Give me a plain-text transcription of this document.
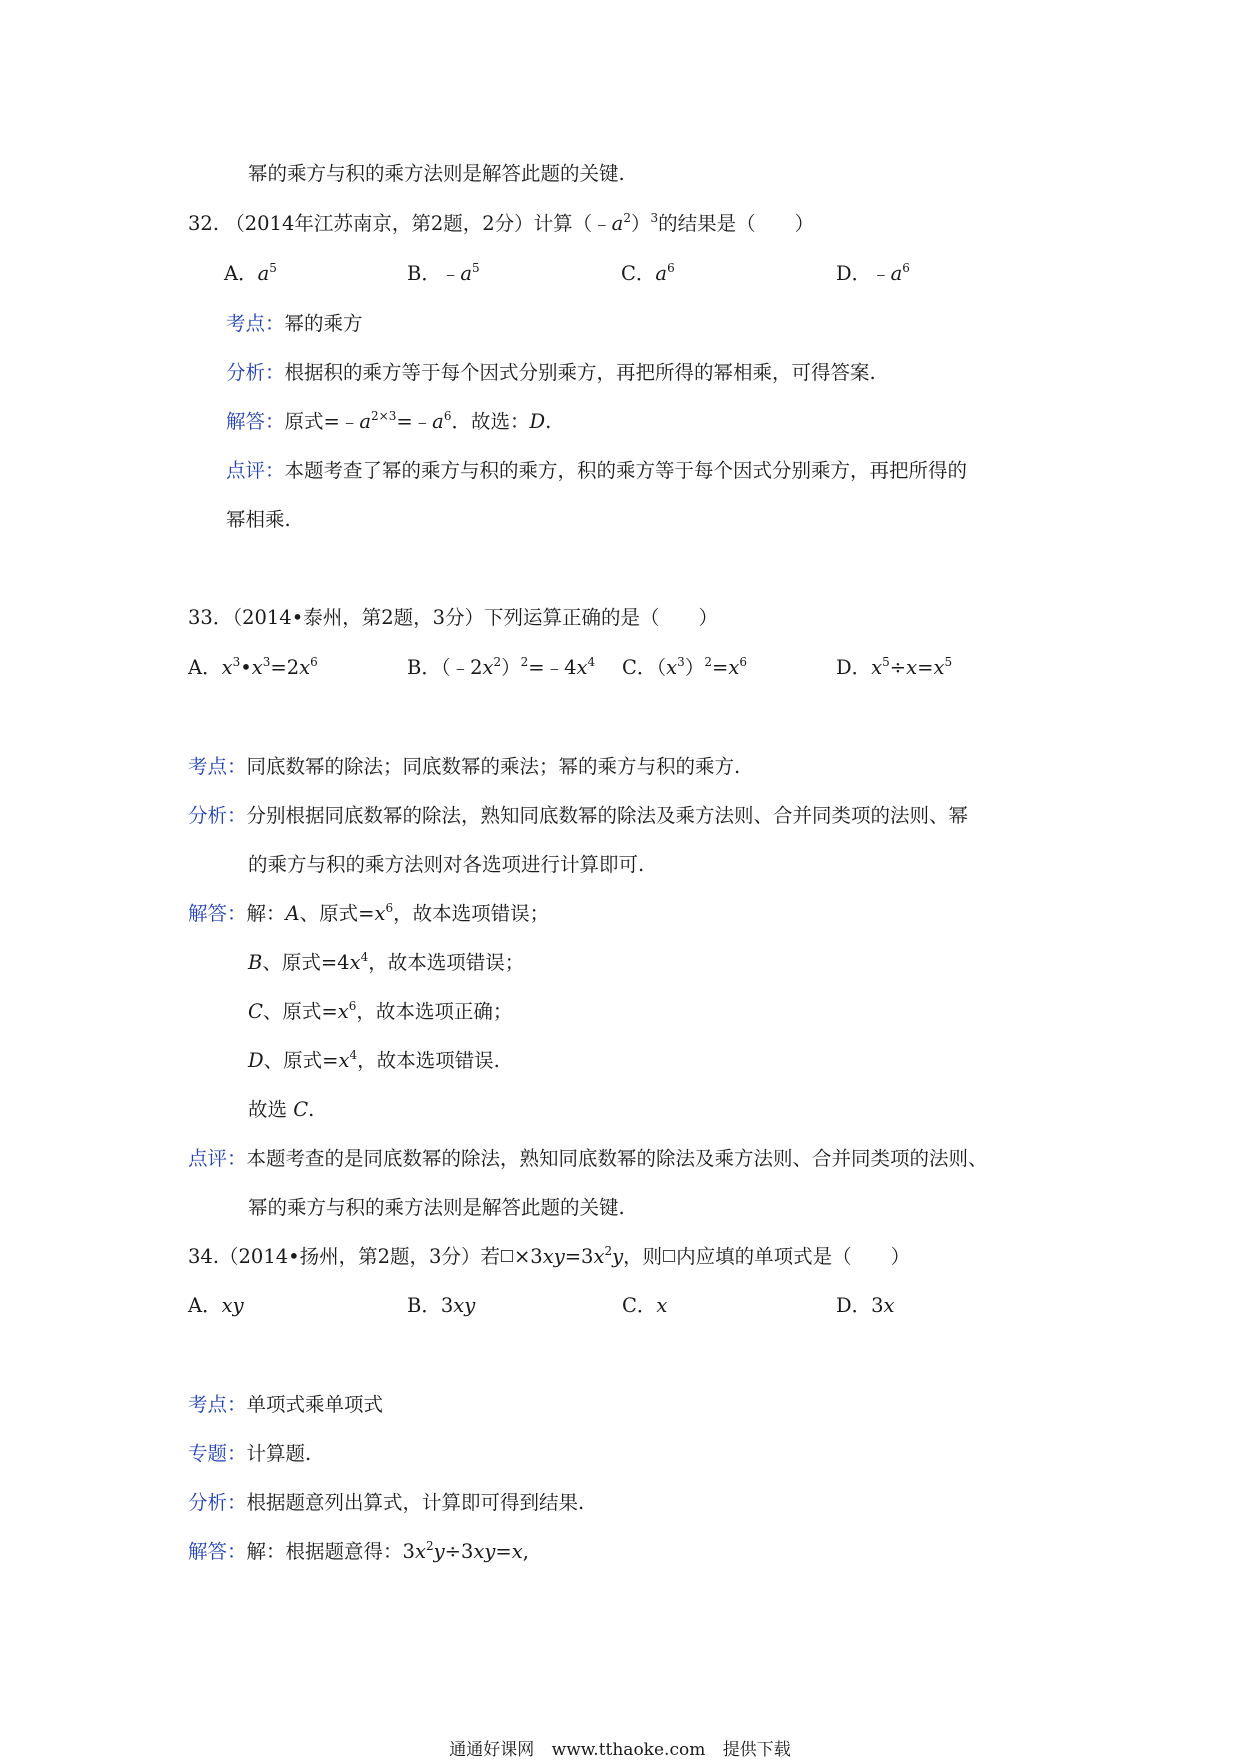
幂的乘方与积的乘方法则是解答此题的关键.
32. （2014年江苏南京，第2题，2分）计算$(﹣a^2)^3$的结果是（　　）
A．$a^5$	B．$﹣a^5$	C．$a^6$	D．$﹣a^6$
考点：幂的乘方
分析：根据积的乘方等于每个因式分别乘方，再把所得的幂相乘，可得答案.
解答：原式$=﹣a^{2\times 3}=﹣a^6$．故选：D.
点评：本题考查了幂的乘方与积的乘方，积的乘方等于每个因式分别乘方，再把所得的
幂相乘.
33．（2014•泰州，第2题，3分）下列运算正确的是（　　）
A．$x^3•x^3=2x^6$	B．$(﹣2x^2)^2=﹣4x^4$ C．$(x^3)^2=x^6$	D．$x^5\div x=x^5$
考点：同底数幂的除法；同底数幂的乘法；幂的乘方与积的乘方.
分析：分别根据同底数幂的除法，熟知同底数幂的除法及乘方法则、合并同类项的法则、幂
的乘方与积的乘方法则对各选项进行计算即可.
解答：解：A、原式$=x^6$，故本选项错误；
B、原式$=4x^4$，故本选项错误；
C、原式$=x^6$，故本选项正确；
D、原式$=x^4$，故本选项错误.
故选 C.
点评：本题考查的是同底数幂的除法，熟知同底数幂的除法及乘方法则、合并同类项的法则、
幂的乘方与积的乘方法则是解答此题的关键.
34.（2014•扬州，第2题，3分）若 $\times 3xy=3x^2y$，则 内应填的单项式是（　　）
A．xy	B．3xy	C．x	D．3x
考点：单项式乘单项式
专题：计算题.
分析：根据题意列出算式，计算即可得到结果.
解答：解：根据题意得：$3x^2y\div 3xy=x$,
通通好课网 www.tthaoke.com 提供下载
